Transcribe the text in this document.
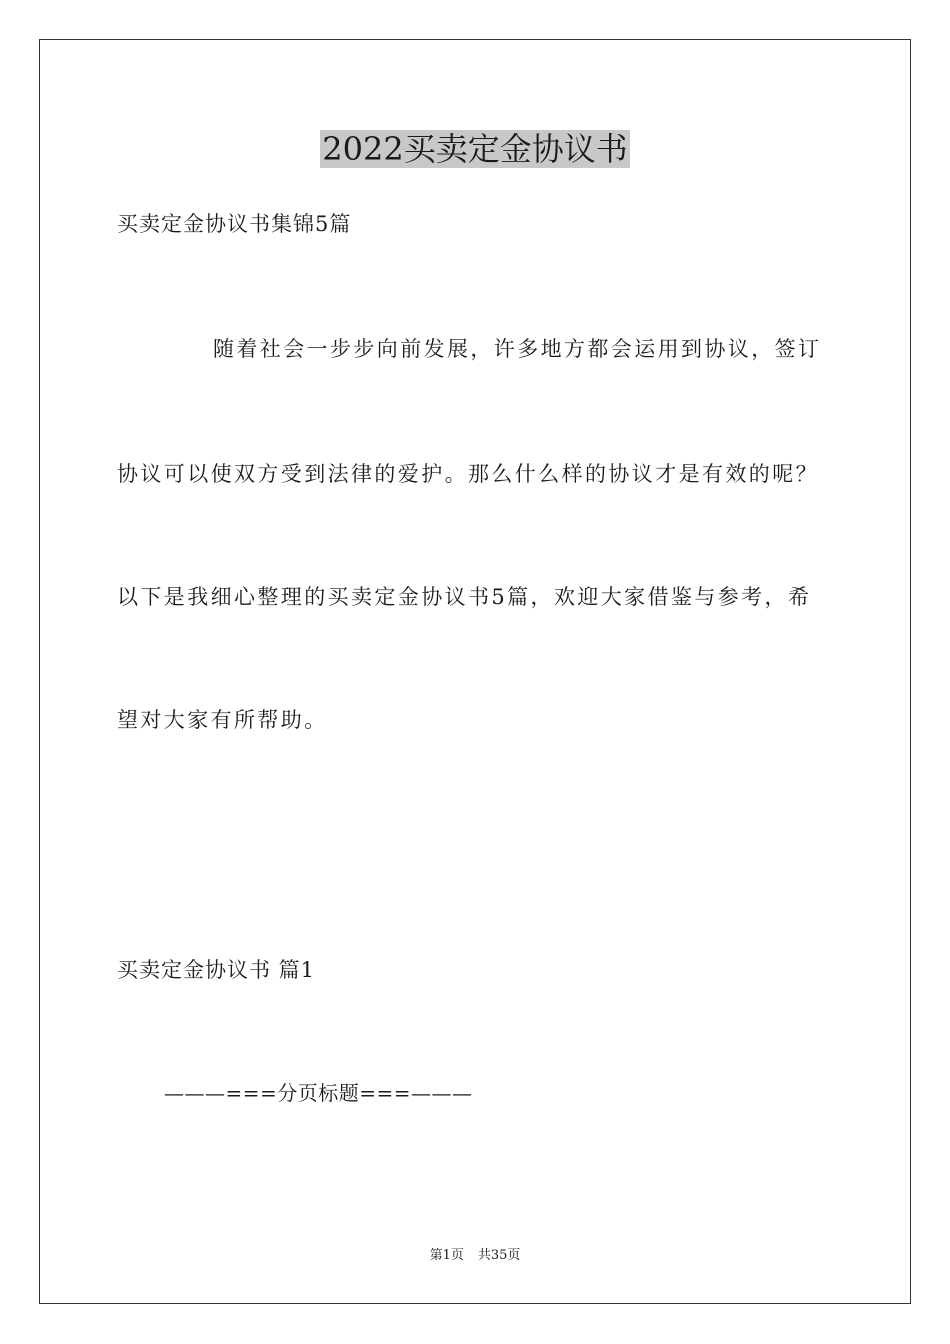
2022买卖定金协议书
买卖定金协议书集锦5篇
随着社会一步步向前发展，许多地方都会运用到协议，签订
协议可以使双方受到法律的爱护。那么什么样的协议才是有效的呢？
以下是我细心整理的买卖定金协议书5篇，欢迎大家借鉴与参考，希
望对大家有所帮助。
买卖定金协议书 篇1
———===分页标题===———
第1页 共35页
